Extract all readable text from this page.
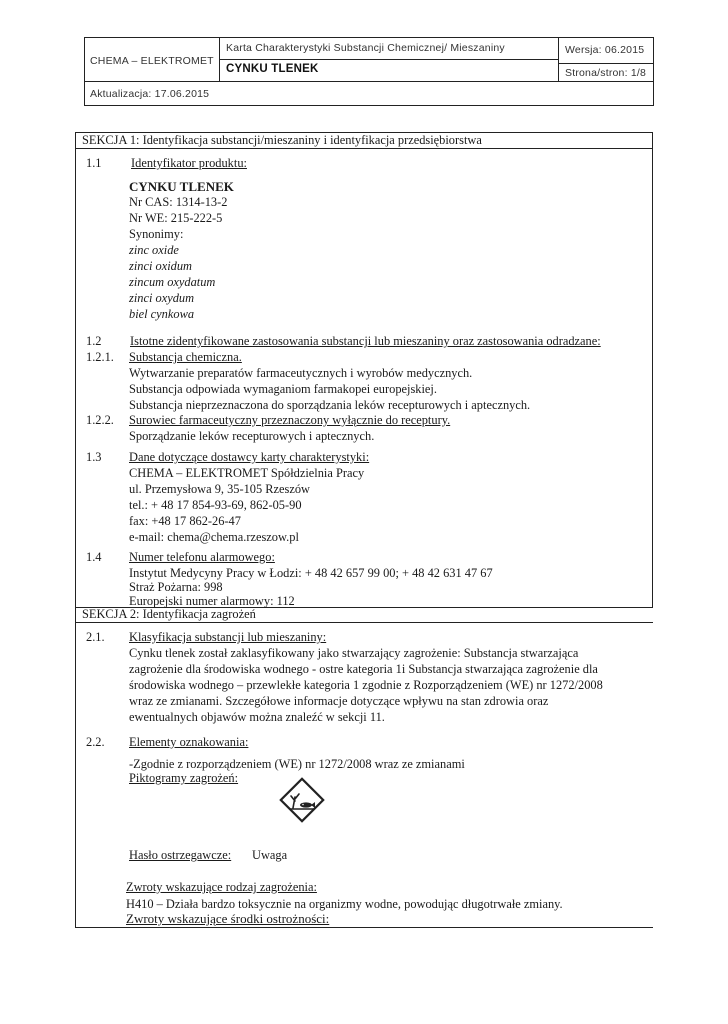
CHEMA – ELEKTROMET
Karta Charakterystyki Substancji Chemicznej/ Mieszaniny
CYNKU TLENEK
Wersja: 06.2015
Strona/stron: 1/8
Aktualizacja: 17.06.2015
SEKCJA 1: Identyfikacja substancji/mieszaniny i identyfikacja przedsiębiorstwa
1.1 Identyfikator produktu:
CYNKU TLENEK
Nr CAS: 1314-13-2
Nr WE: 215-222-5
Synonimy:
zinc oxide
zinci oxidum
zincum oxydatum
zinci oxydum
biel cynkowa
1.2 Istotne zidentyfikowane zastosowania substancji lub mieszaniny oraz zastosowania odradzane:
1.2.1. Substancja chemiczna.
Wytwarzanie preparatów farmaceutycznych i wyrobów medycznych.
Substancja odpowiada wymaganiom farmakopei europejskiej.
Substancja nieprzeznaczona do sporządzania leków recepturowych i aptecznych.
1.2.2. Surowiec farmaceutyczny przeznaczony wyłącznie do receptury.
Sporządzanie leków recepturowych i aptecznych.
1.3 Dane dotyczące dostawcy karty charakterystyki:
CHEMA – ELEKTROMET Spółdzielnia Pracy
ul. Przemysłowa 9, 35-105 Rzeszów
tel.: + 48 17 854-93-69, 862-05-90
fax: +48 17 862-26-47
e-mail: chema@chema.rzeszow.pl
1.4 Numer telefonu alarmowego:
Instytut Medycyny Pracy w Łodzi: + 48 42 657 99 00; + 48 42 631 47 67
Straż Pożarna: 998
Europejski numer alarmowy: 112
SEKCJA 2: Identyfikacja zagrożeń
2.1. Klasyfikacja substancji lub mieszaniny:
Cynku tlenek został zaklasyfikowany jako stwarzający zagrożenie: Substancja stwarzająca
zagrożenie dla środowiska wodnego - ostre kategoria 1i Substancja stwarzająca zagrożenie dla
środowiska wodnego – przewlekłe kategoria 1 zgodnie z Rozporządzeniem (WE) nr 1272/2008
wraz ze zmianami. Szczegółowe informacje dotyczące wpływu na stan zdrowia oraz
ewentualnych objawów można znaleźć w sekcji 11.
2.2. Elementy oznakowania:
-Zgodnie z rozporządzeniem (WE) nr 1272/2008 wraz ze zmianami
Piktogramy zagrożeń:
Hasło ostrzegawcze: Uwaga
Zwroty wskazujące rodzaj zagrożenia:
H410 – Działa bardzo toksycznie na organizmy wodne, powodując długotrwałe zmiany.
Zwroty wskazujące środki ostrożności:
